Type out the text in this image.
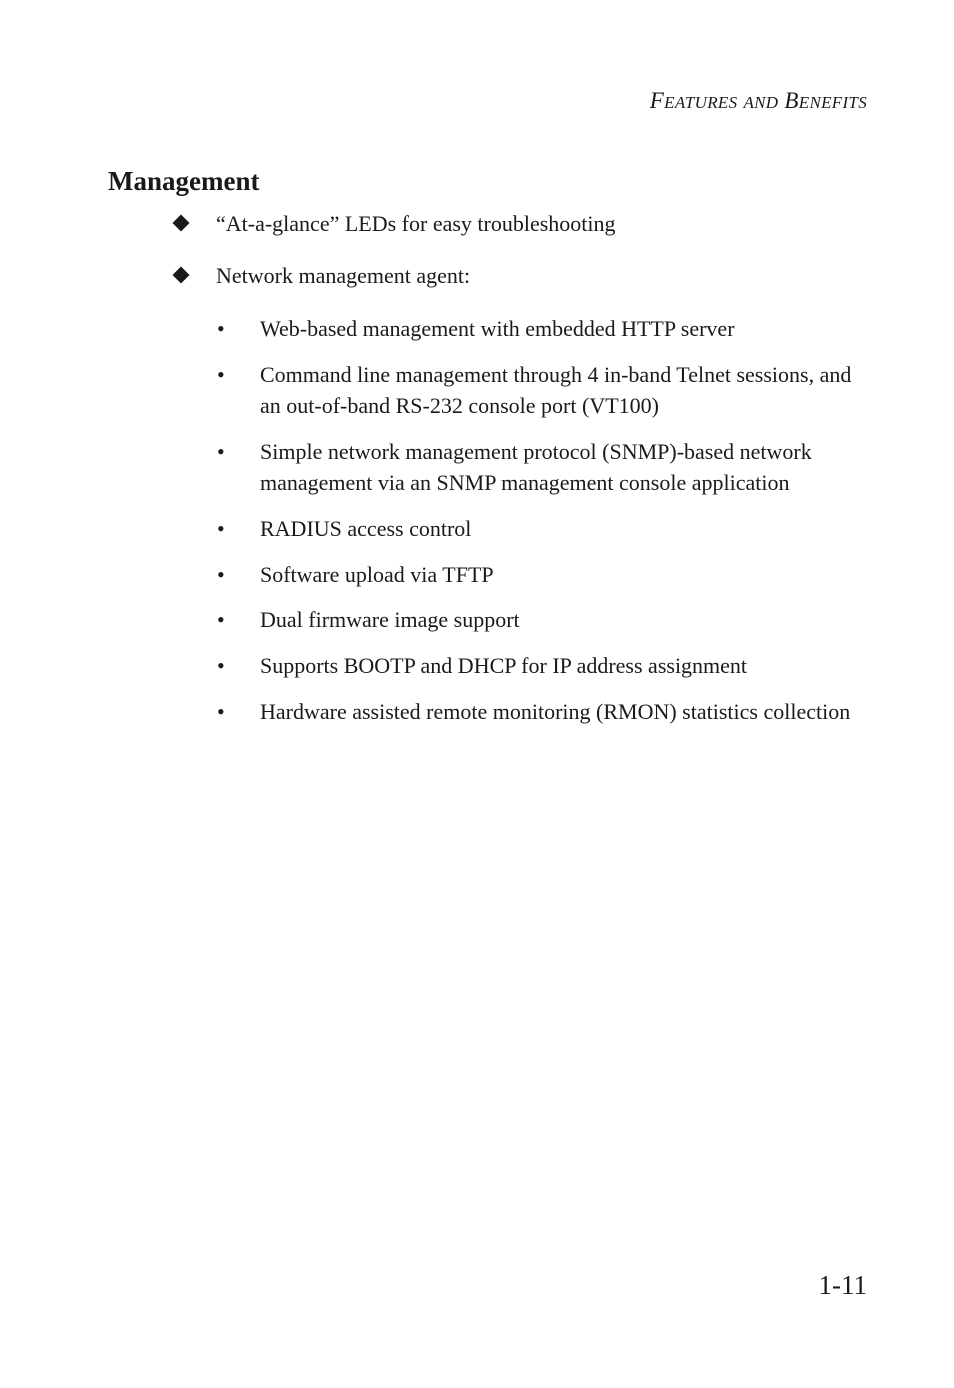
FEATURES AND BENEFITS
Management
“At-a-glance” LEDs for easy troubleshooting
Network management agent:
• Web-based management with embedded HTTP server
• Command line management through 4 in-band Telnet sessions, and an out-of-band RS-232 console port (VT100)
• Simple network management protocol (SNMP)-based network management via an SNMP management console application
• RADIUS access control
• Software upload via TFTP
• Dual firmware image support
• Supports BOOTP and DHCP for IP address assignment
• Hardware assisted remote monitoring (RMON) statistics collection
1-11
